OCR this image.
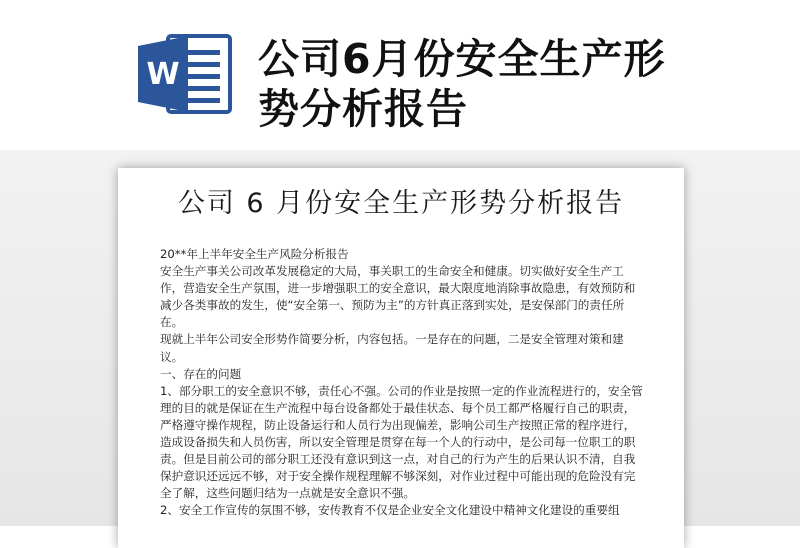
W 公司6月份安全生产形势分析报告
公司 6 月份安全生产形势分析报告

20**年上半年安全生产风险分析报告

安全生产事关公司改革发展稳定的大局，事关职工的生命安全和健康。切实做好安全生产工作，营造安全生产氛围，进一步增强职工的安全意识，最大限度地消除事故隐患，有效预防和减少各类事故的发生，使“安全第一、预防为主”的方针真正落到实处，是安保部门的责任所在。

现就上半年公司安全形势作简要分析，内容包括。一是存在的问题，二是安全管理对策和建议。

一、存在的问题

1、部分职工的安全意识不够，责任心不强。公司的作业是按照一定的作业流程进行的，安全管理的目的就是保证在生产流程中每台设备都处于最佳状态、每个员工都严格履行自己的职责，严格遵守操作规程，防止设备运行和人员行为出现偏差，影响公司生产按照正常的程序进行，造成设备损失和人员伤害，所以安全管理是贯穿在每一个人的行动中，是公司每一位职工的职责。但是目前公司的部分职工还没有意识到这一点，对自己的行为产生的后果认识不清，自我保护意识还远远不够，对于安全操作规程理解不够深刻，对作业过程中可能出现的危险没有完全了解，这些问题归结为一点就是安全意识不强。

2、安全工作宣传的氛围不够，安传教育不仅是企业安全文化建设中精神文化建设的重要组
